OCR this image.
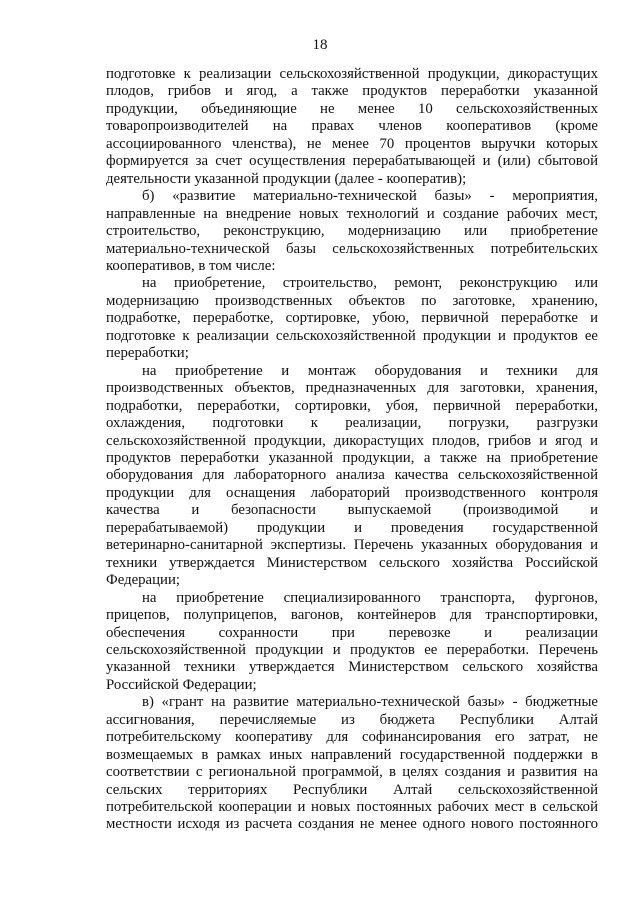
18
подготовке к реализации сельскохозяйственной продукции, дикорастущих
плодов, грибов и ягод, а также продуктов переработки указанной
продукции, объединяющие не менее 10 сельскохозяйственных
товаропроизводителей на правах членов кооперативов (кроме
ассоциированного членства), не менее 70 процентов выручки которых
формируется за счет осуществления перерабатывающей и (или) сбытовой
деятельности указанной продукции (далее - кооператив);
б) «развитие материально-технической базы» - мероприятия,
направленные на внедрение новых технологий и создание рабочих мест,
строительство, реконструкцию, модернизацию или приобретение
материально-технической базы сельскохозяйственных потребительских
кооперативов, в том числе:
на приобретение, строительство, ремонт, реконструкцию или
модернизацию производственных объектов по заготовке, хранению,
подработке, переработке, сортировке, убою, первичной переработке и
подготовке к реализации сельскохозяйственной продукции и продуктов ее
переработки;
на приобретение и монтаж оборудования и техники для
производственных объектов, предназначенных для заготовки, хранения,
подработки, переработки, сортировки, убоя, первичной переработки,
охлаждения, подготовки к реализации, погрузки, разгрузки
сельскохозяйственной продукции, дикорастущих плодов, грибов и ягод и
продуктов переработки указанной продукции, а также на приобретение
оборудования для лабораторного анализа качества сельскохозяйственной
продукции для оснащения лабораторий производственного контроля
качества и безопасности выпускаемой (производимой и
перерабатываемой) продукции и проведения государственной
ветеринарно-санитарной экспертизы. Перечень указанных оборудования и
техники утверждается Министерством сельского хозяйства Российской
Федерации;
на приобретение специализированного транспорта, фургонов,
прицепов, полуприцепов, вагонов, контейнеров для транспортировки,
обеспечения сохранности при перевозке и реализации
сельскохозяйственной продукции и продуктов ее переработки. Перечень
указанной техники утверждается Министерством сельского хозяйства
Российской Федерации;
в) «грант на развитие материально-технической базы» - бюджетные
ассигнования, перечисляемые из бюджета Республики Алтай
потребительскому кооперативу для софинансирования его затрат, не
возмещаемых в рамках иных направлений государственной поддержки в
соответствии с региональной программой, в целях создания и развития на
сельских территориях Республики Алтай сельскохозяйственной
потребительской кооперации и новых постоянных рабочих мест в сельской
местности исходя из расчета создания не менее одного нового постоянного
